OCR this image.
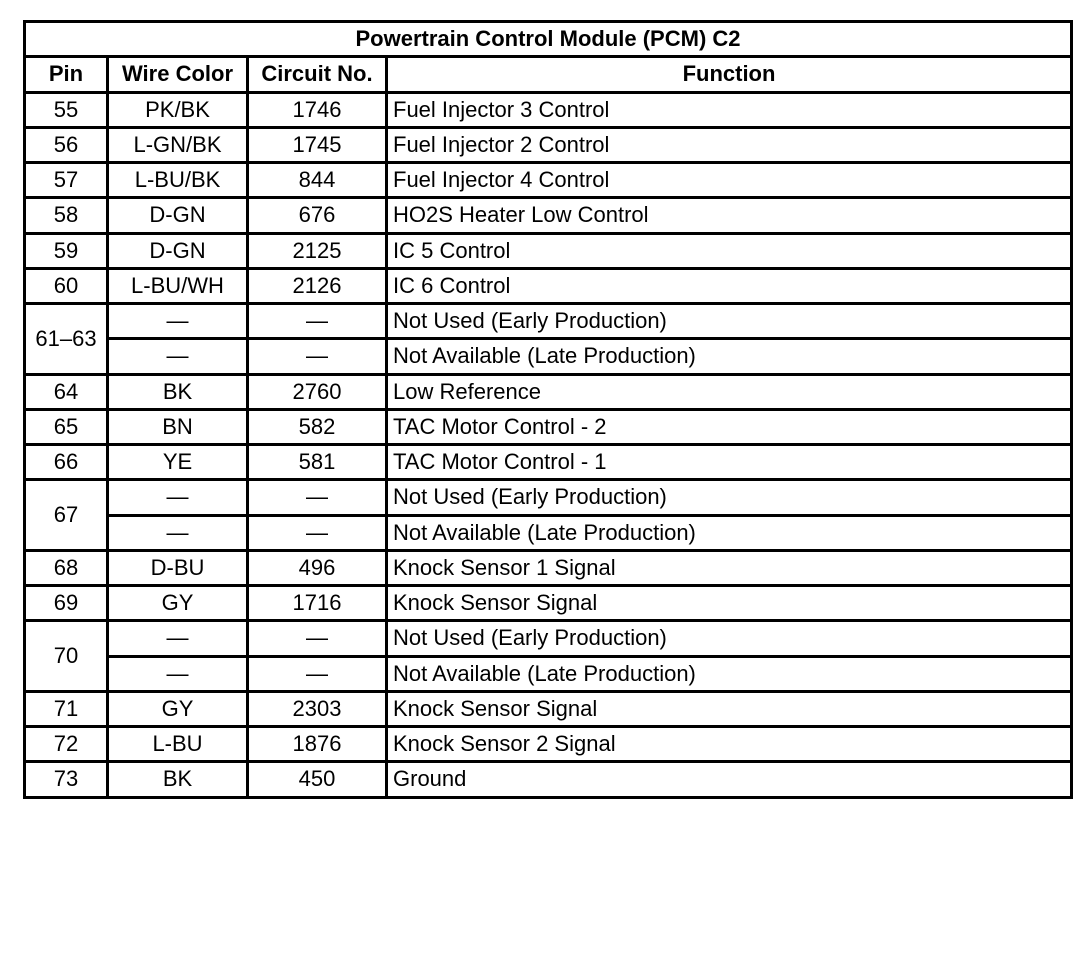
Powertrain Control Module (PCM) C2			
Pin	Wire Color	Circuit No.	Function
55	PK/BK	1746	Fuel Injector 3 Control
56	L-GN/BK	1745	Fuel Injector 2 Control
57	L-BU/BK	844	Fuel Injector 4 Control
58	D-GN	676	HO2S Heater Low Control
59	D-GN	2125	IC 5 Control
60	L-BU/WH	2126	IC 6 Control
61–63	—	—	Not Used (Early Production)
	—	—	Not Available (Late Production)
64	BK	2760	Low Reference
65	BN	582	TAC Motor Control - 2
66	YE	581	TAC Motor Control - 1
67	—	—	Not Used (Early Production)
	—	—	Not Available (Late Production)
68	D-BU	496	Knock Sensor 1 Signal
69	GY	1716	Knock Sensor Signal
70	—	—	Not Used (Early Production)
	—	—	Not Available (Late Production)
71	GY	2303	Knock Sensor Signal
72	L-BU	1876	Knock Sensor 2 Signal
73	BK	450	Ground
